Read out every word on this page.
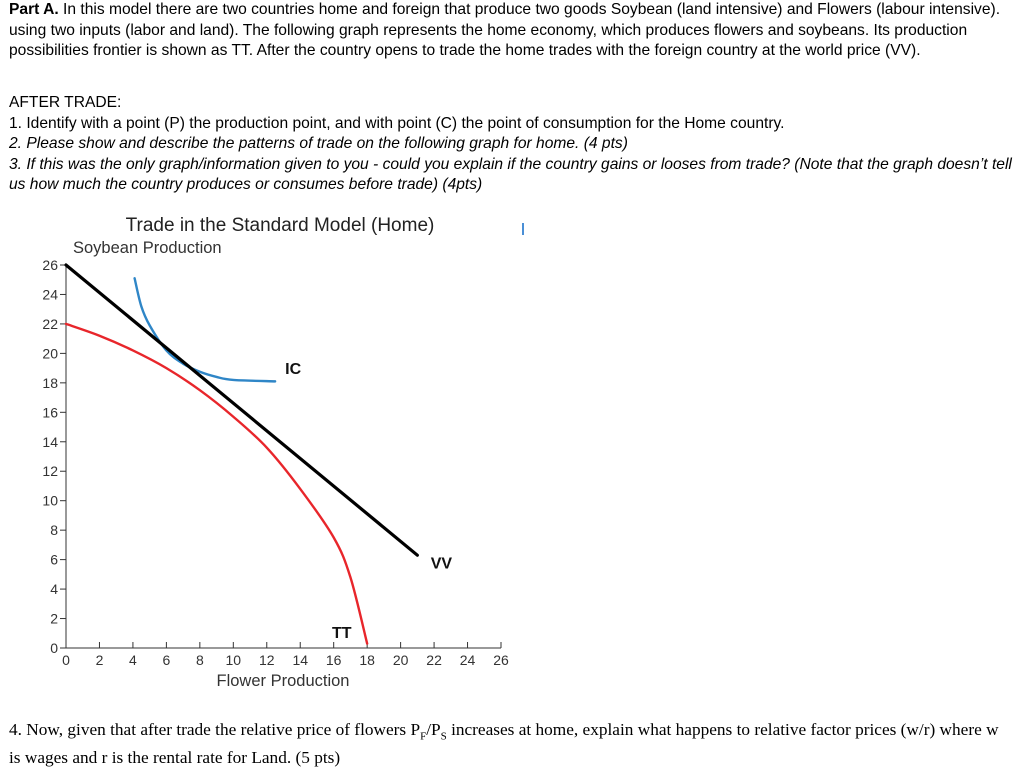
Part A. In this model there are two countries home and foreign that produce two goods Soybean (land intensive) and Flowers (labour intensive). using two inputs (labor and land). The following graph represents the home economy, which produces flowers and soybeans. Its production possibilities frontier is shown as TT. After the country opens to trade the home trades with the foreign country at the world price (VV).
AFTER TRADE:
1. Identify with a point (P) the production point, and with point (C) the point of consumption for the Home country.
2. Please show and describe the patterns of trade on the following graph for home. (4 pts)
3. If this was the only graph/information given to you - could you explain if the country gains or looses from trade? (Note that the graph doesn’t tell us how much the country produces or consumes before trade) (4pts)
Trade in the Standard Model (Home)
Soybean Production
Flower Production
0
2
4
6
8
10
12
14
16
18
20
22
24
26
0 2 4 6 8 10 12 14 16 18 20 22 24 26
TT
VV
IC
4. Now, given that after trade the relative price of flowers $P_F/P_S$ increases at home, explain what happens to relative factor prices (w/r) where w is wages and r is the rental rate for Land. (5 pts)
